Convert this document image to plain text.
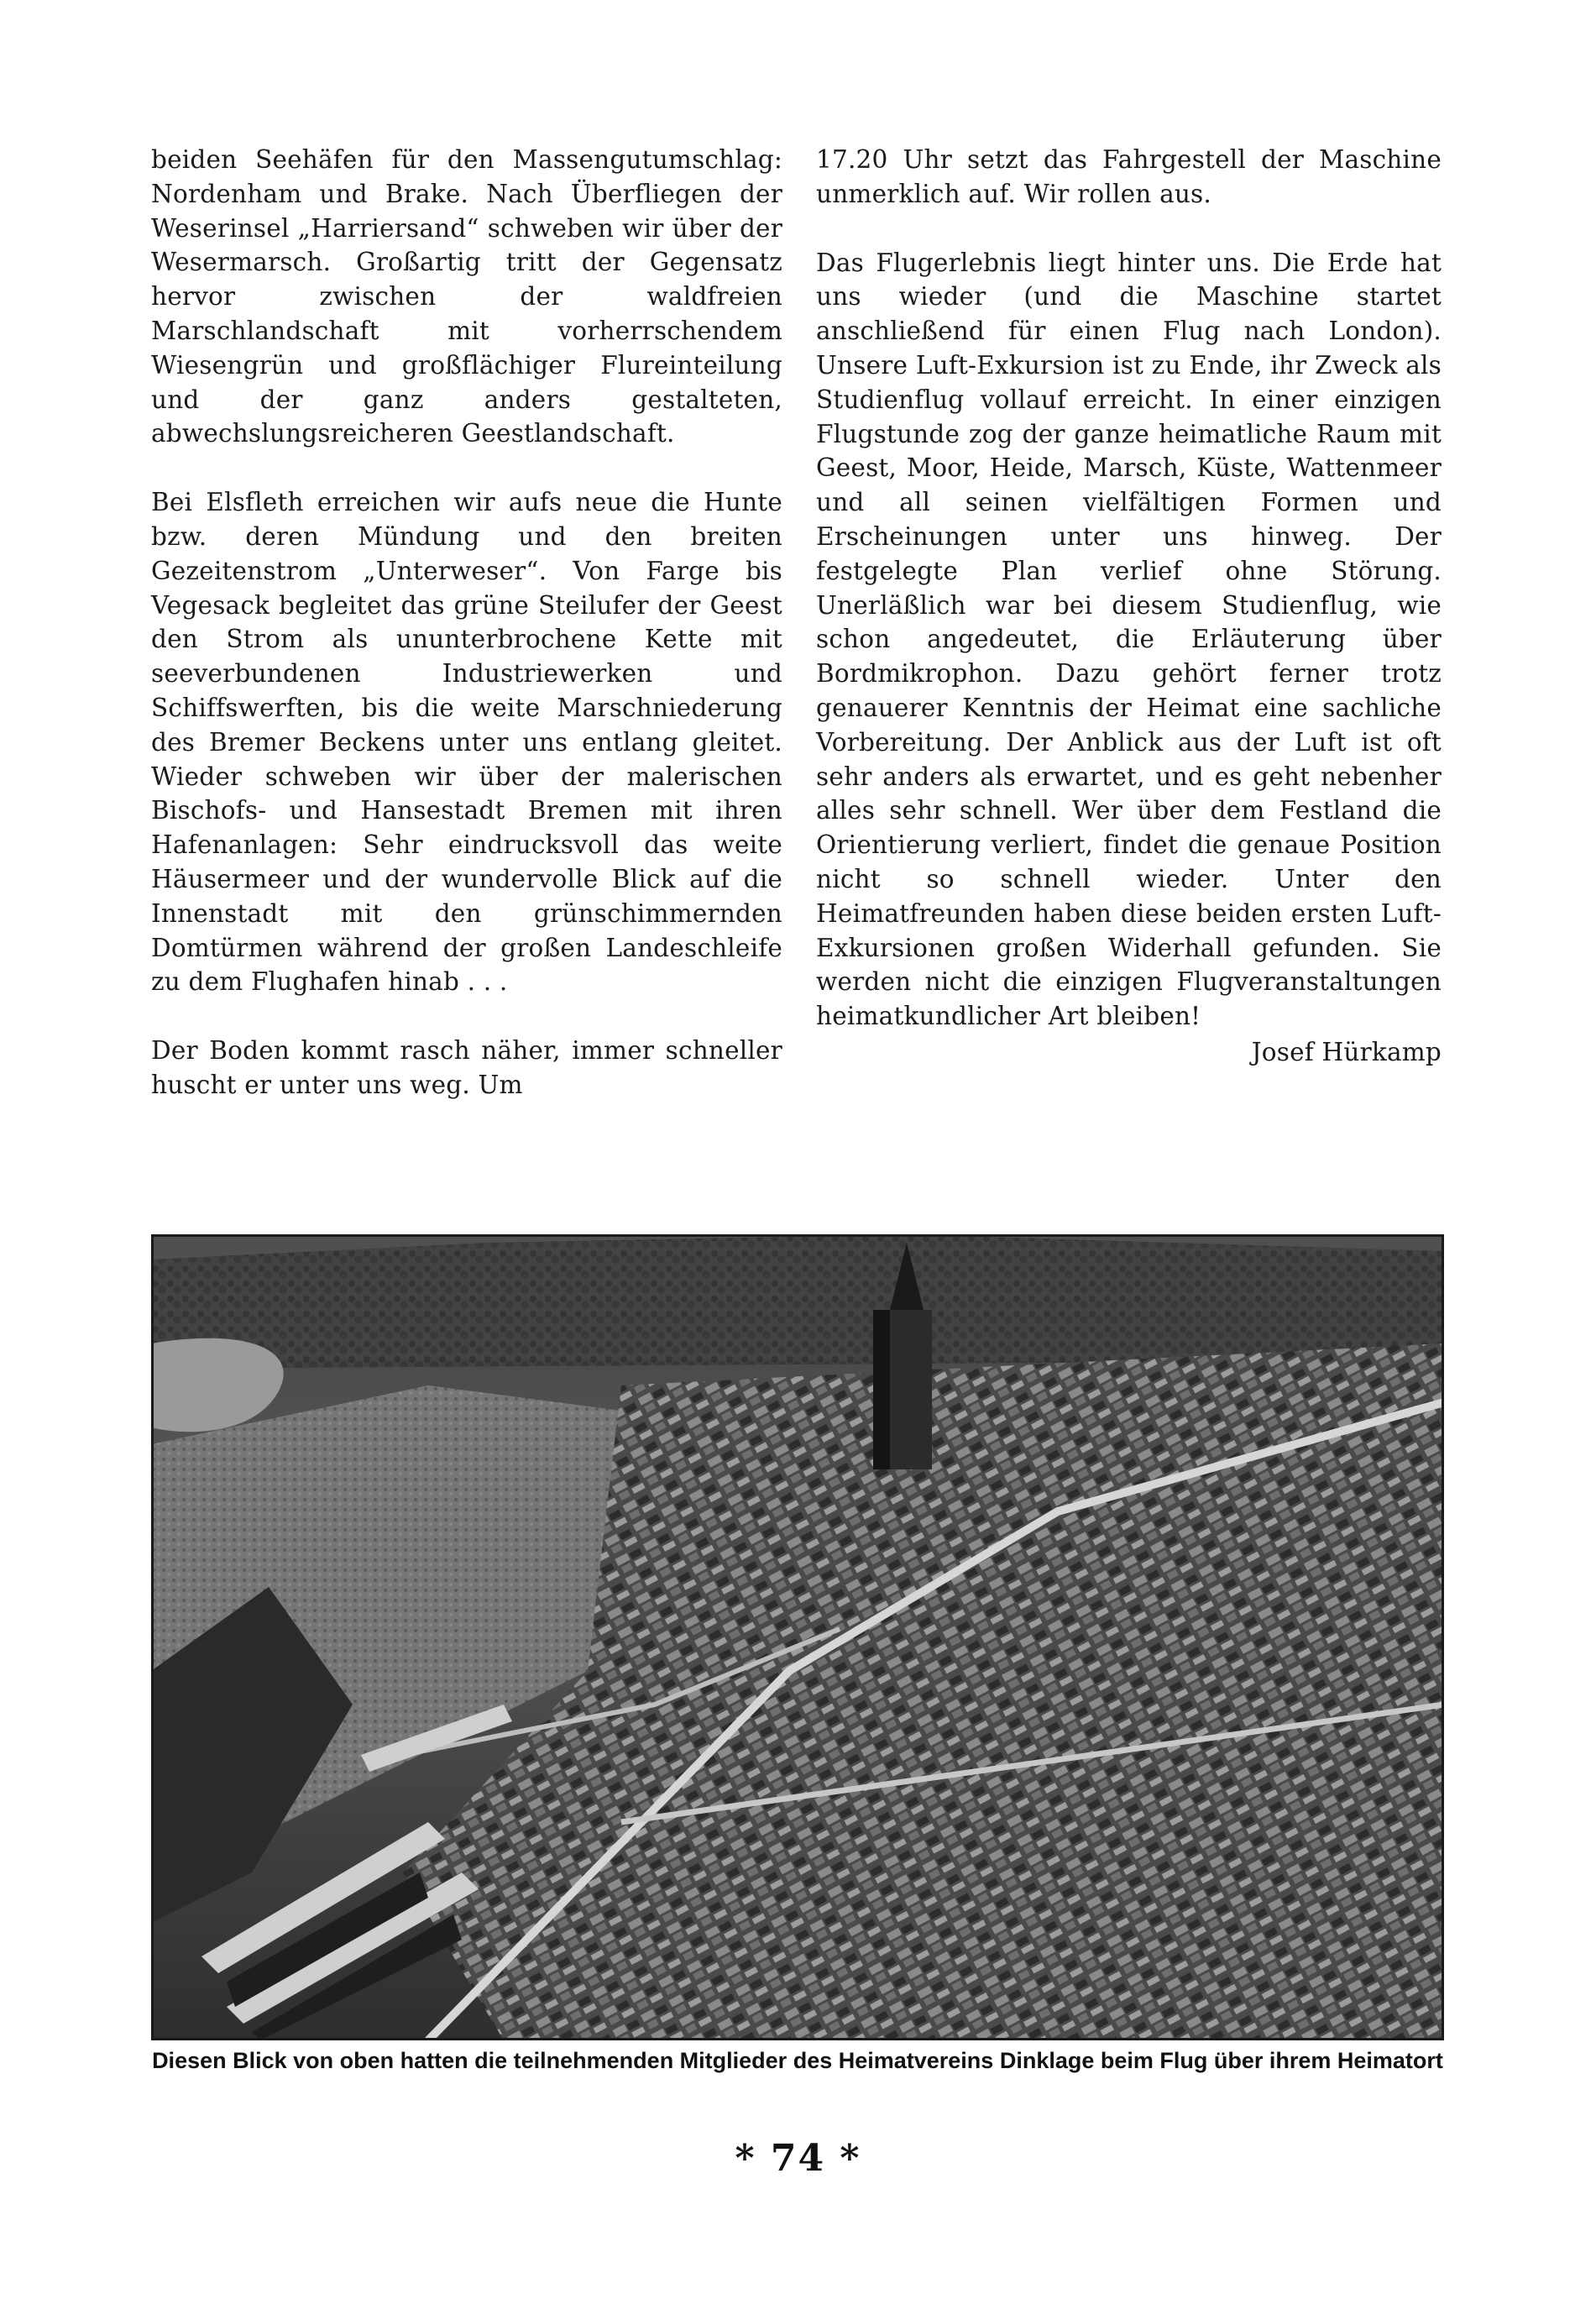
beiden Seehäfen für den Massengutumschlag: Nordenham und Brake. Nach Überfliegen der Weserinsel „Harriersand“ schweben wir über der Wesermarsch. Großartig tritt der Gegensatz hervor zwischen der waldfreien Marschlandschaft mit vorherrschendem Wiesengrün und großflächiger Flureinteilung und der ganz anders gestalteten, abwechslungsreicheren Geestlandschaft.

Bei Elsfleth erreichen wir aufs neue die Hunte bzw. deren Mündung und den breiten Gezeitenstrom „Unterweser“. Von Farge bis Vegesack begleitet das grüne Steilufer der Geest den Strom als ununterbrochene Kette mit seeverbundenen Industriewerken und Schiffswerften, bis die weite Marschniederung des Bremer Beckens unter uns entlang gleitet. Wieder schweben wir über der malerischen Bischofs- und Hansestadt Bremen mit ihren Hafenanlagen: Sehr eindrucksvoll das weite Häusermeer und der wundervolle Blick auf die Innenstadt mit den grünschimmernden Domtürmen während der großen Landeschleife zu dem Flughafen hinab . . .

Der Boden kommt rasch näher, immer schneller huscht er unter uns weg. Um

17.20 Uhr setzt das Fahrgestell der Maschine unmerklich auf. Wir rollen aus.

Das Flugerlebnis liegt hinter uns. Die Erde hat uns wieder (und die Maschine startet anschließend für einen Flug nach London). Unsere Luft-Exkursion ist zu Ende, ihr Zweck als Studienflug vollauf erreicht. In einer einzigen Flugstunde zog der ganze heimatliche Raum mit Geest, Moor, Heide, Marsch, Küste, Wattenmeer und all seinen vielfältigen Formen und Erscheinungen unter uns hinweg. Der festgelegte Plan verlief ohne Störung. Unerläßlich war bei diesem Studienflug, wie schon angedeutet, die Erläuterung über Bordmikrophon. Dazu gehört ferner trotz genauerer Kenntnis der Heimat eine sachliche Vorbereitung. Der Anblick aus der Luft ist oft sehr anders als erwartet, und es geht nebenher alles sehr schnell. Wer über dem Festland die Orientierung verliert, findet die genaue Position nicht so schnell wieder. Unter den Heimatfreunden haben diese beiden ersten Luft-Exkursionen großen Widerhall gefunden. Sie werden nicht die einzigen Flugveranstaltungen heimatkundlicher Art bleiben!

Josef Hürkamp
Diesen Blick von oben hatten die teilnehmenden Mitglieder des Heimatvereins Dinklage beim Flug über ihrem Heimatort
* 74 *
